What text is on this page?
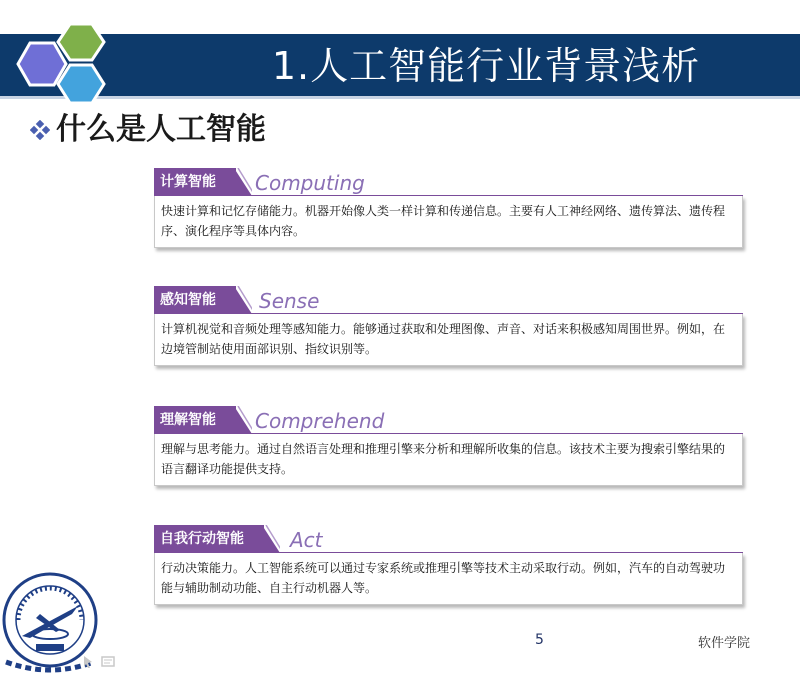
1.人工智能行业背景浅析
什么是人工智能
计算智能	Computing
快速计算和记忆存储能力。机器开始像人类一样计算和传递信息。主要有人工神经网络、遗传算法、遗传程序、演化程序等具体内容。
感知智能	Sense
计算机视觉和音频处理等感知能力。能够通过获取和处理图像、声音、对话来积极感知周围世界。例如，在边境管制站使用面部识别、指纹识别等。
理解智能	Comprehend
理解与思考能力。通过自然语言处理和推理引擎来分析和理解所收集的信息。该技术主要为搜索引擎结果的语言翻译功能提供支持。
自我行动智能	Act
行动决策能力。人工智能系统可以通过专家系统或推理引擎等技术主动采取行动。例如，汽车的自动驾驶功能与辅助制动功能、自主行动机器人等。
5	软件学院
